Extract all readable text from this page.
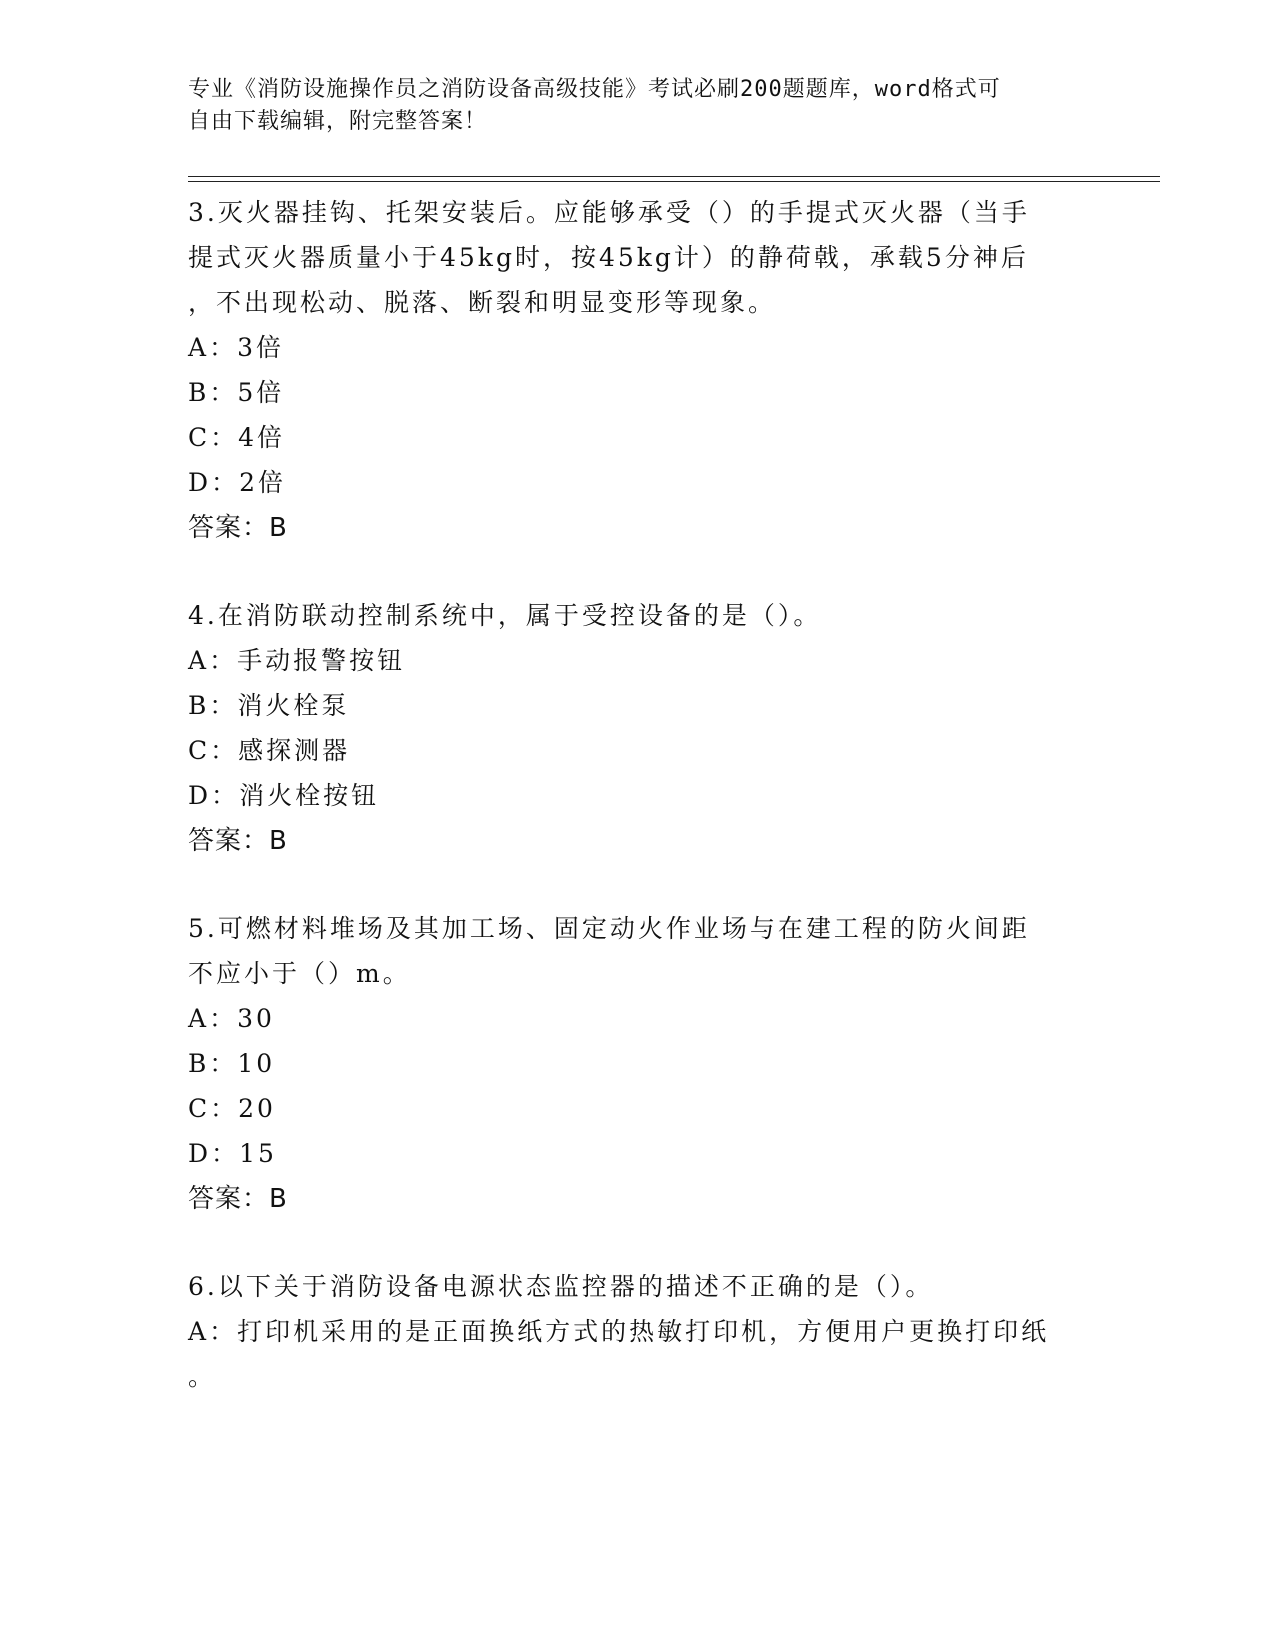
专业《消防设施操作员之消防设备高级技能》考试必刷200题题库，word格式可
自由下载编辑，附完整答案！
3.灭火器挂钩、托架安装后。应能够承受（）的手提式灭火器（当手
提式灭火器质量小于45kg时，按45kg计）的静荷戟，承载5分神后
，不出现松动、脱落、断裂和明显变形等现象。
A：3倍
B：5倍
C：4倍
D：2倍
答案：B
4.在消防联动控制系统中，属于受控设备的是（）。
A：手动报警按钮
B：消火栓泵
C：感探测器
D：消火栓按钮
答案：B
5.可燃材料堆场及其加工场、固定动火作业场与在建工程的防火间距
不应小于（）m。
A：30
B：10
C：20
D：15
答案：B
6.以下关于消防设备电源状态监控器的描述不正确的是（）。
A：打印机采用的是正面换纸方式的热敏打印机，方便用户更换打印纸
。
